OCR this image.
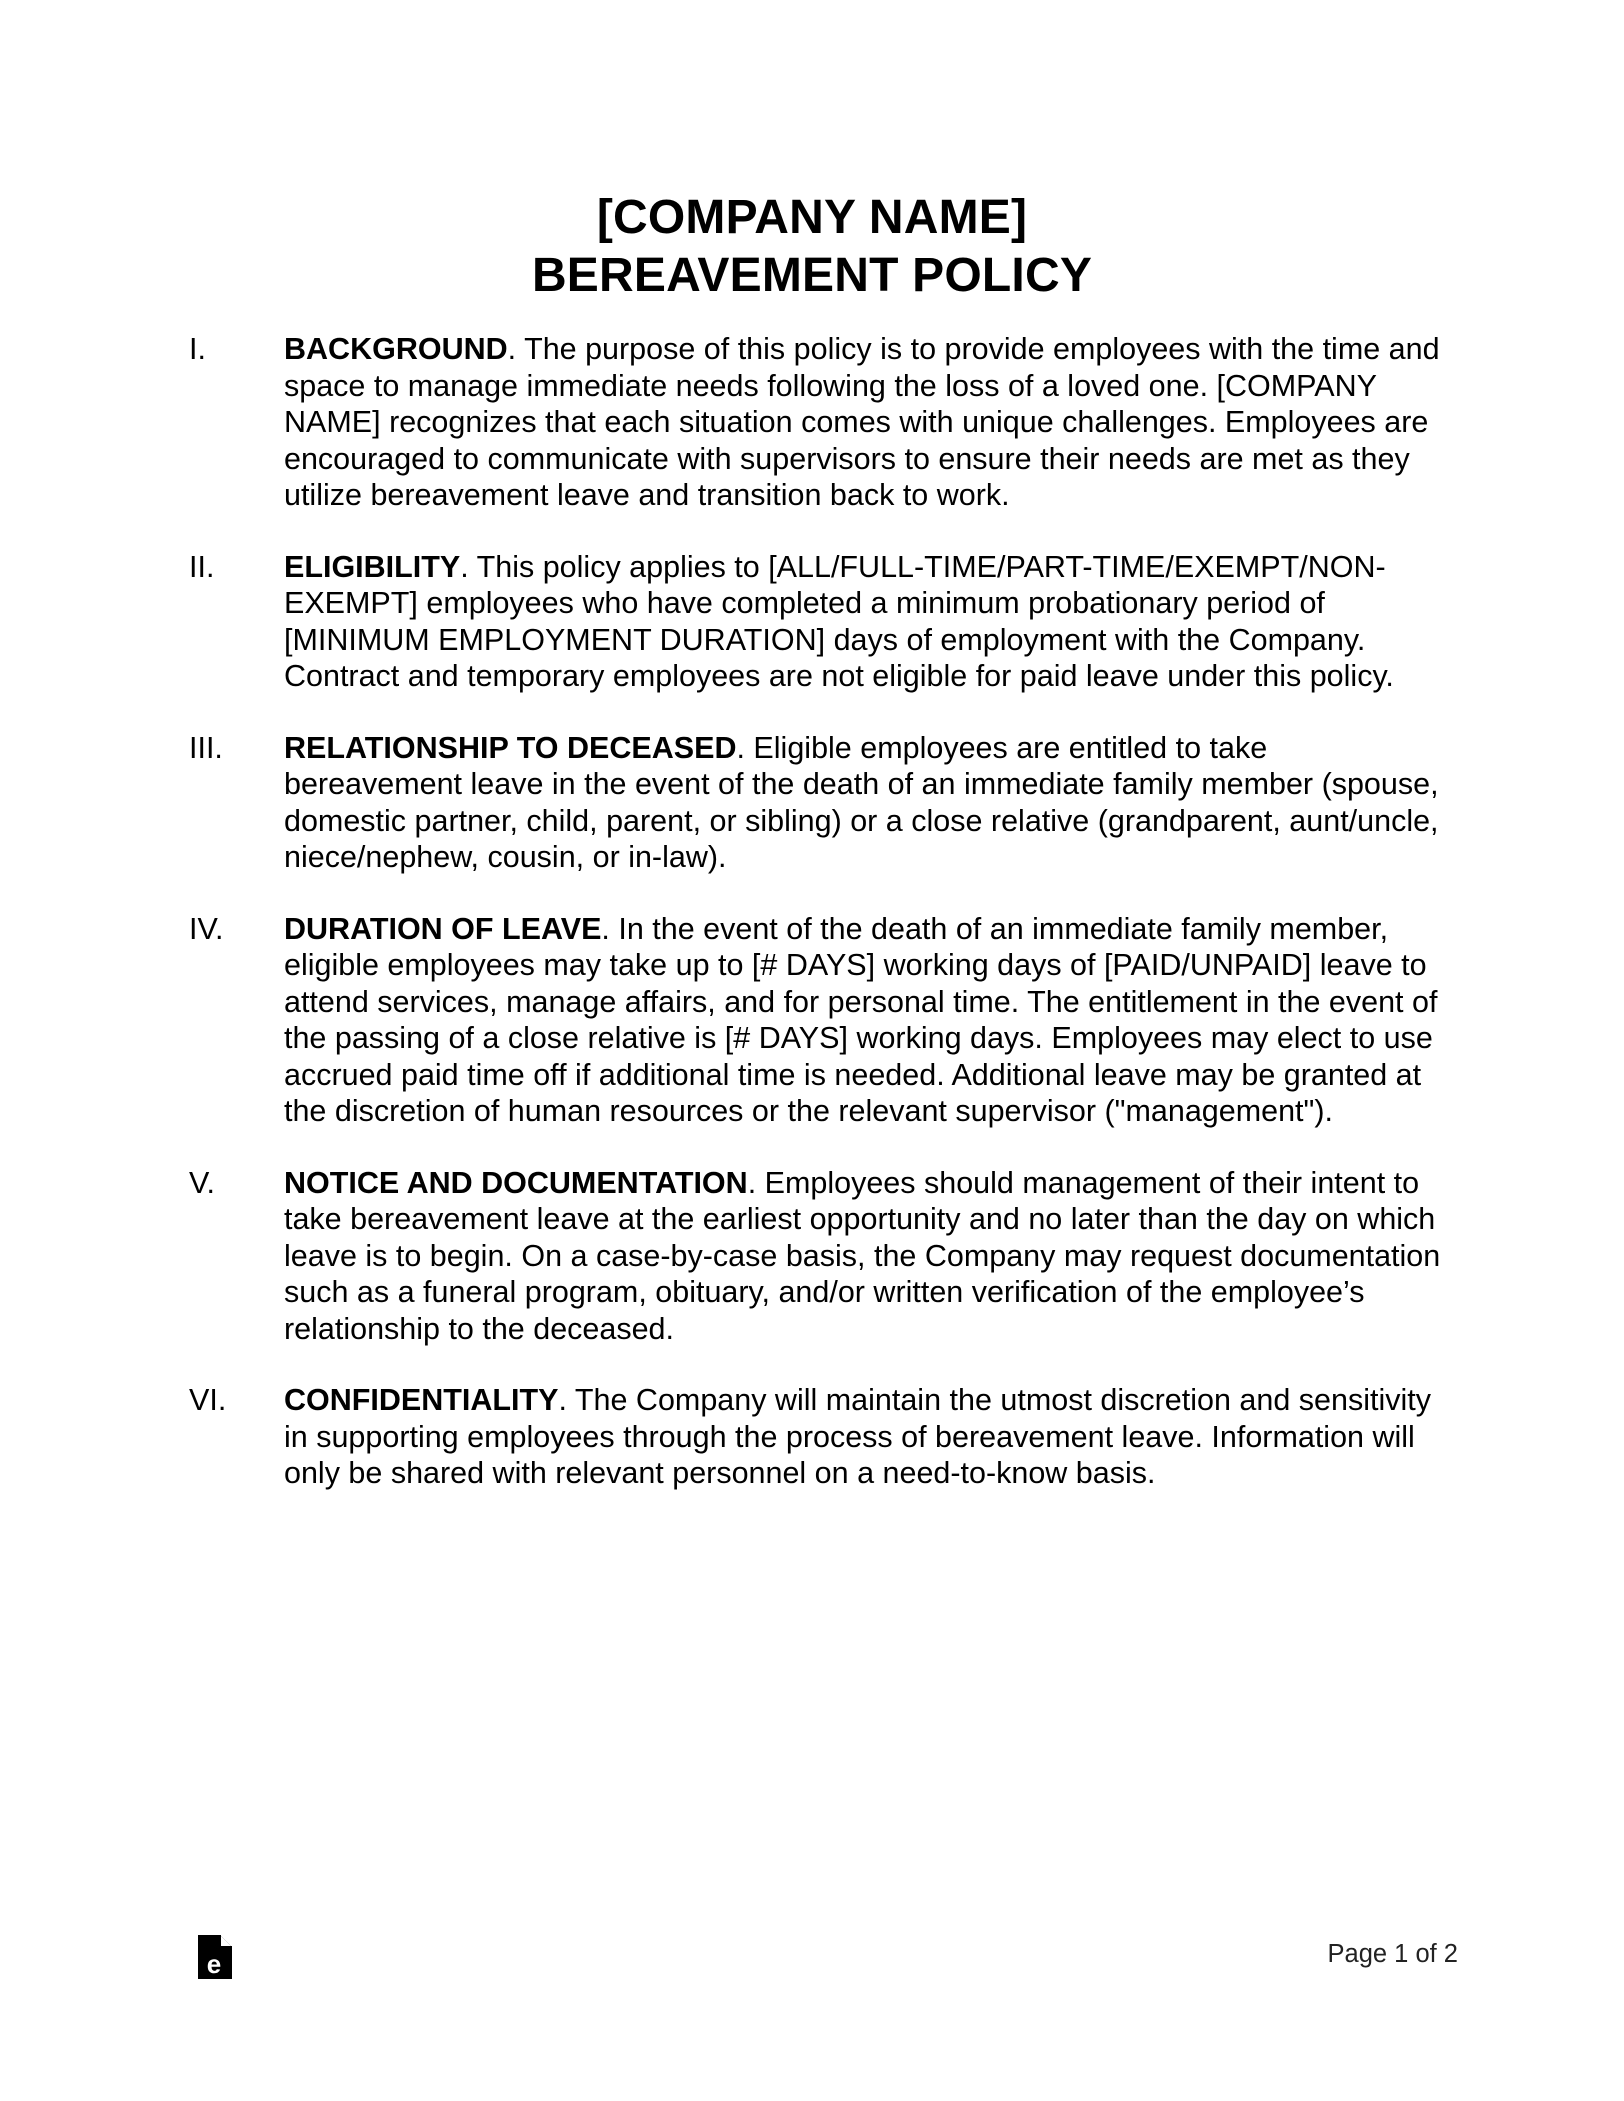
[COMPANY NAME]
BEREAVEMENT POLICY
I.	BACKGROUND. The purpose of this policy is to provide employees with the time and space to manage immediate needs following the loss of a loved one. [COMPANY NAME] recognizes that each situation comes with unique challenges. Employees are encouraged to communicate with supervisors to ensure their needs are met as they utilize bereavement leave and transition back to work.
II. ELIGIBILITY. This policy applies to [ALL/FULL-TIME/PART-TIME/EXEMPT/NON-EXEMPT] employees who have completed a minimum probationary period of [MINIMUM EMPLOYMENT DURATION] days of employment with the Company. Contract and temporary employees are not eligible for paid leave under this policy.
III. RELATIONSHIP TO DECEASED. Eligible employees are entitled to take bereavement leave in the event of the death of an immediate family member (spouse, domestic partner, child, parent, or sibling) or a close relative (grandparent, aunt/uncle, niece/nephew, cousin, or in-law).
IV. DURATION OF LEAVE. In the event of the death of an immediate family member, eligible employees may take up to [# DAYS] working days of [PAID/UNPAID] leave to attend services, manage affairs, and for personal time. The entitlement in the event of the passing of a close relative is [# DAYS] working days. Employees may elect to use accrued paid time off if additional time is needed. Additional leave may be granted at the discretion of human resources or the relevant supervisor ("management").
V. NOTICE AND DOCUMENTATION. Employees should management of their intent to take bereavement leave at the earliest opportunity and no later than the day on which leave is to begin. On a case-by-case basis, the Company may request documentation such as a funeral program, obituary, and/or written verification of the employee’s relationship to the deceased.
VI. CONFIDENTIALITY. The Company will maintain the utmost discretion and sensitivity in supporting employees through the process of bereavement leave. Information will only be shared with relevant personnel on a need-to-know basis.
e	Page 1 of 2
